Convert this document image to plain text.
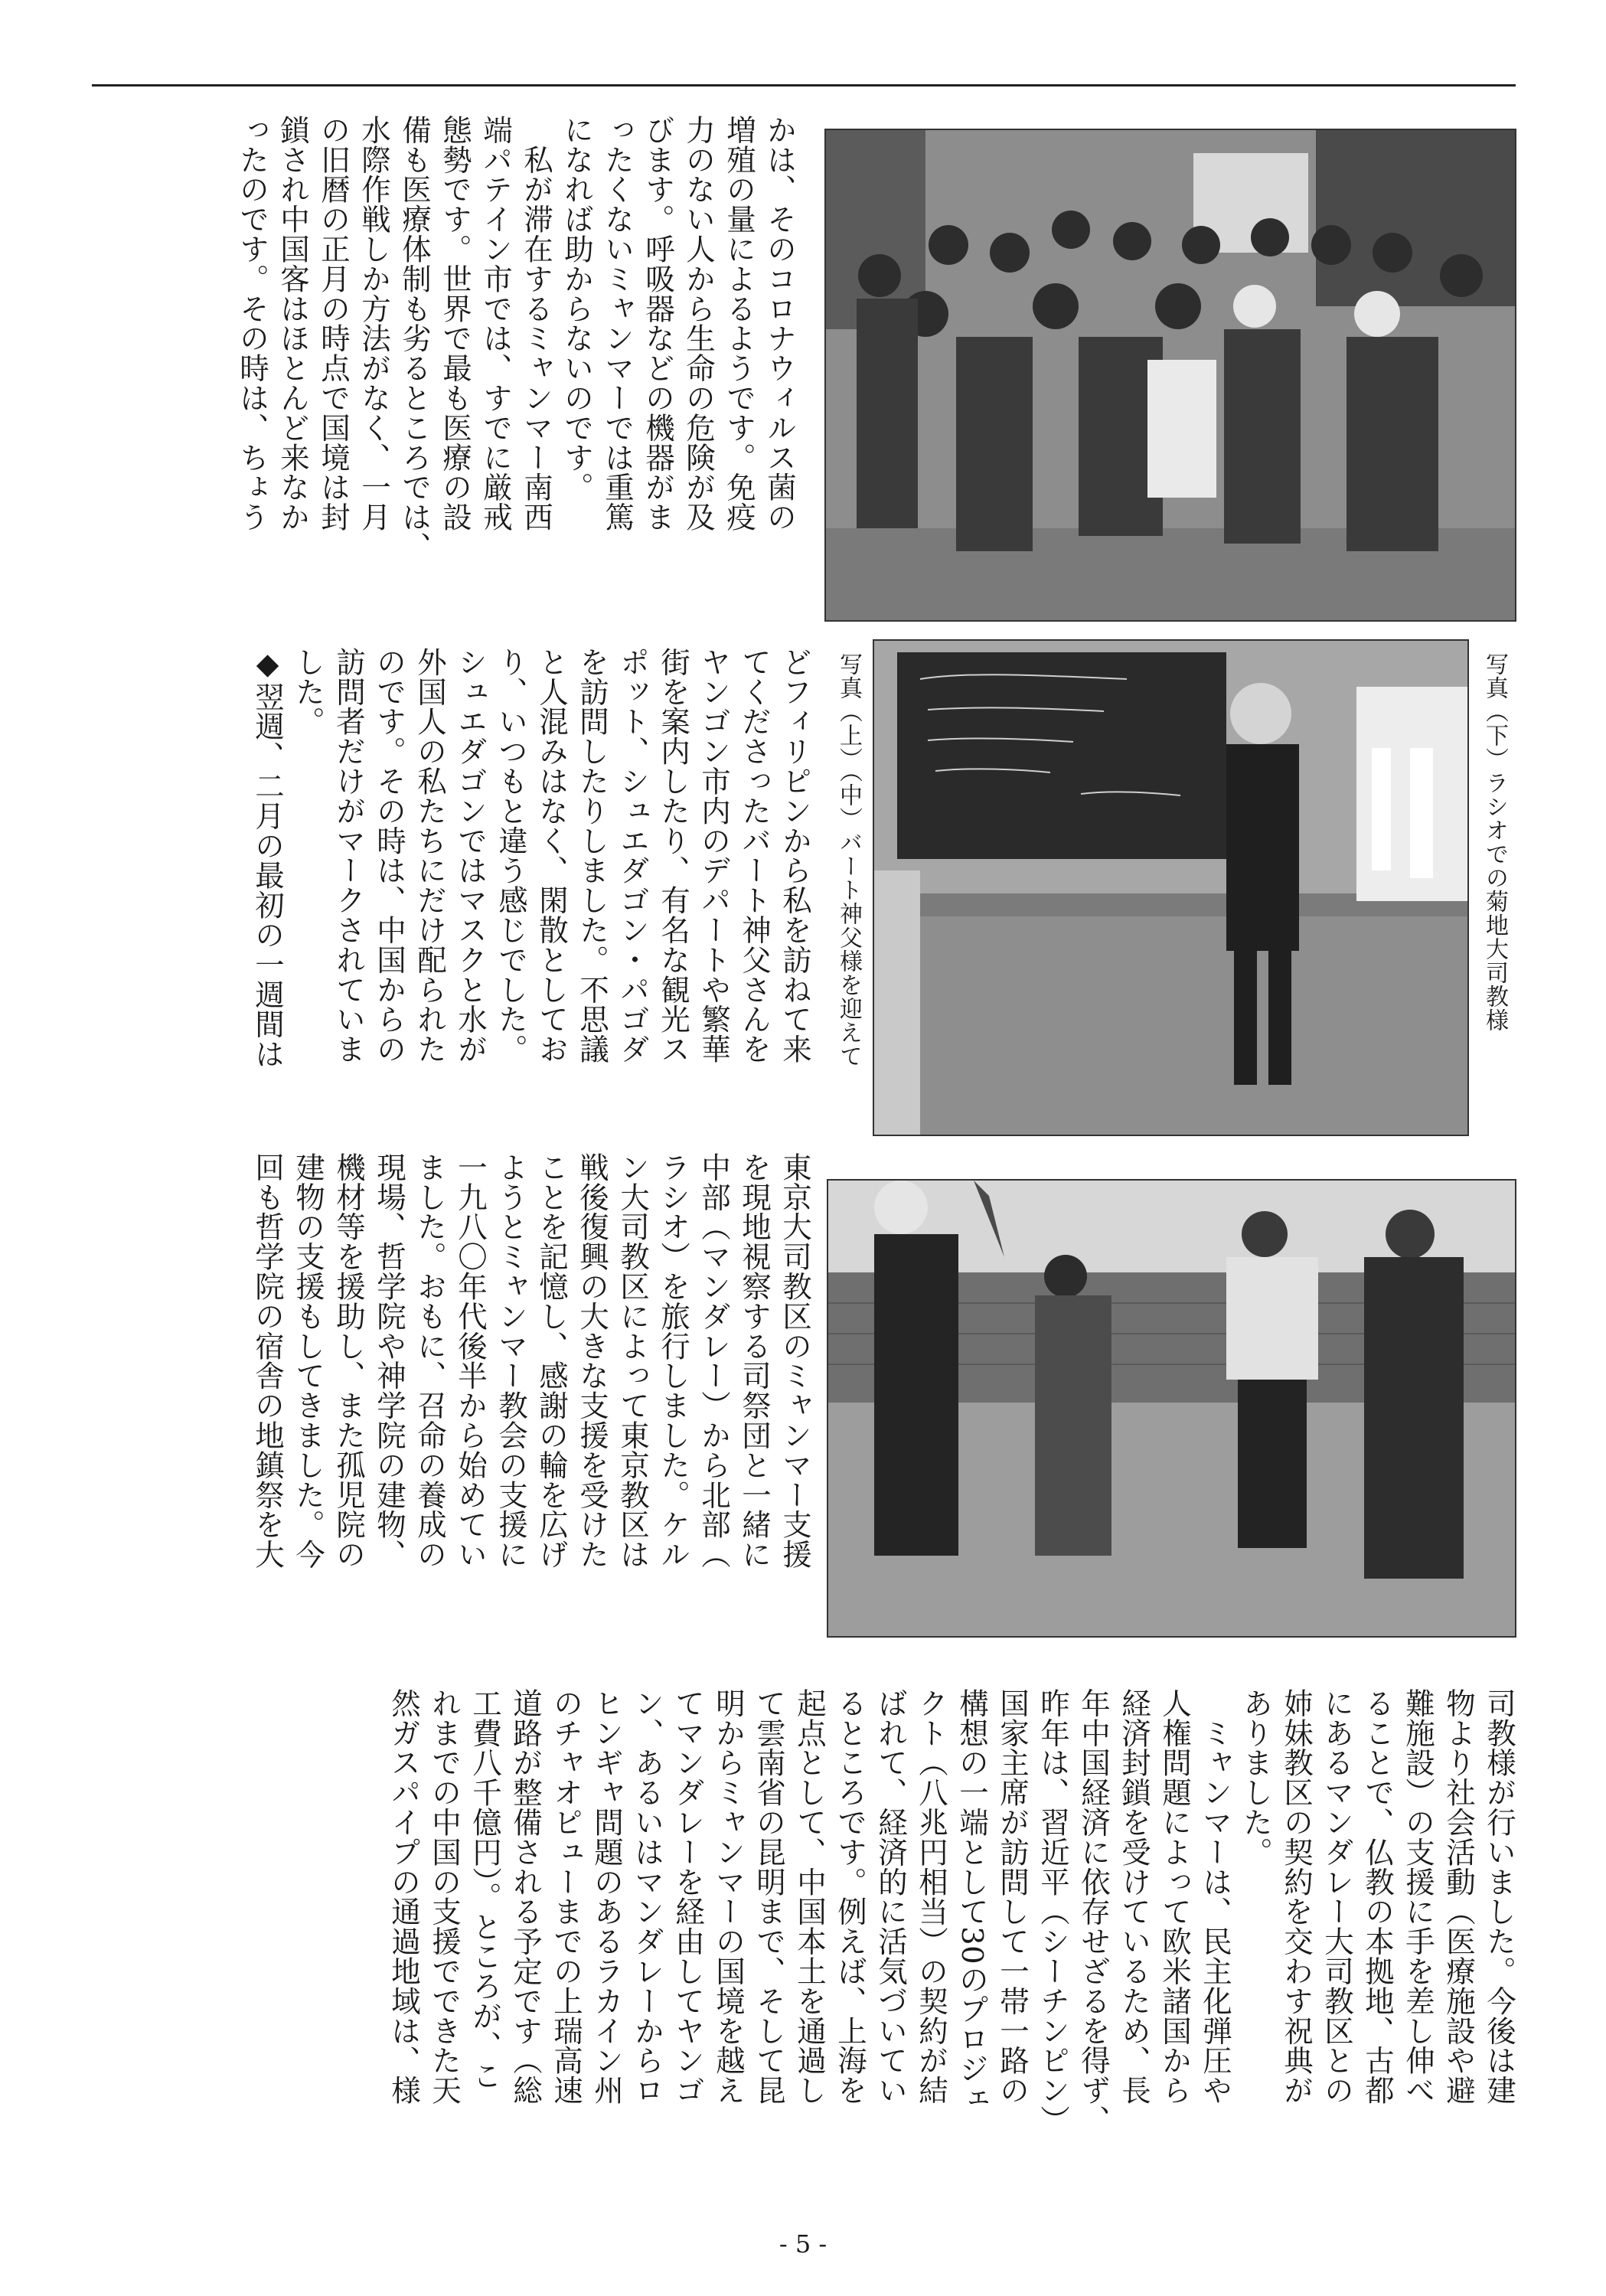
かは、そのコロナウィルス菌の
増殖の量によるようです。免疫
力のない人から生命の危険が及
びます。呼吸器などの機器がま
ったくないミャンマーでは重篤
になれば助からないのです。
　私が滞在するミャンマー南西
端パテイン市では、すでに厳戒
態勢です。世界で最も医療の設
備も医療体制も劣るところでは、
水際作戦しか方法がなく、一月
の旧暦の正月の時点で国境は封
鎖され中国客はほとんど来なか
ったのです。その時は、ちょう
どフィリピンから私を訪ねて来
てくださったバート神父さんを
ヤンゴン市内のデパートや繁華
街を案内したり、有名な観光ス
ポット、シュエダゴン・パゴダ
を訪問したりしました。不思議
と人混みはなく、閑散としてお
り、いつもと違う感じでした。
シュエダゴンではマスクと水が
外国人の私たちにだけ配られた
のです。その時は、中国からの
訪問者だけがマークされていま
した。
◆翌週、二月の最初の一週間は	写真（上）（中）バート神父様を迎えて	写真（下）ラシオでの菊地大司教様
東京大司教区のミャンマー支援
を現地視察する司祭団と一緒に
中部（マンダレー）から北部（
ラシオ）を旅行しました。ケル
ン大司教区によって東京教区は
戦後復興の大きな支援を受けた
ことを記憶し、感謝の輪を広げ
ようとミャンマー教会の支援に
一九八〇年代後半から始めてい
ました。おもに、召命の養成の
現場、哲学院や神学院の建物、
機材等を援助し、また孤児院の
建物の支援もしてきました。今
回も哲学院の宿舎の地鎮祭を大
司教様が行いました。今後は建
物より社会活動（医療施設や避
難施設）の支援に手を差し伸べ
ることで、仏教の本拠地、古都
にあるマンダレー大司教区との
姉妹教区の契約を交わす祝典が
ありました。
　ミャンマーは、民主化弾圧や
人権問題によって欧米諸国から
経済封鎖を受けているため、長
年中国経済に依存せざるを得ず、
昨年は、習近平（シーチンピン）
国家主席が訪問して一帯一路の
構想の一端として30のプロジェ
クト（八兆円相当）の契約が結
ばれて、経済的に活気づいてい
るところです。例えば、上海を
起点として、中国本土を通過し
て雲南省の昆明まで、そして昆
明からミャンマーの国境を越え
てマンダレーを経由してヤンゴ
ン、あるいはマンダレーからロ
ヒンギャ問題のあるラカイン州
のチャオピューまでの上瑞高速
道路が整備される予定です（総
工費八千億円）。ところが、こ
れまでの中国の支援でできた天
然ガスパイプの通過地域は、様
- 5 -
